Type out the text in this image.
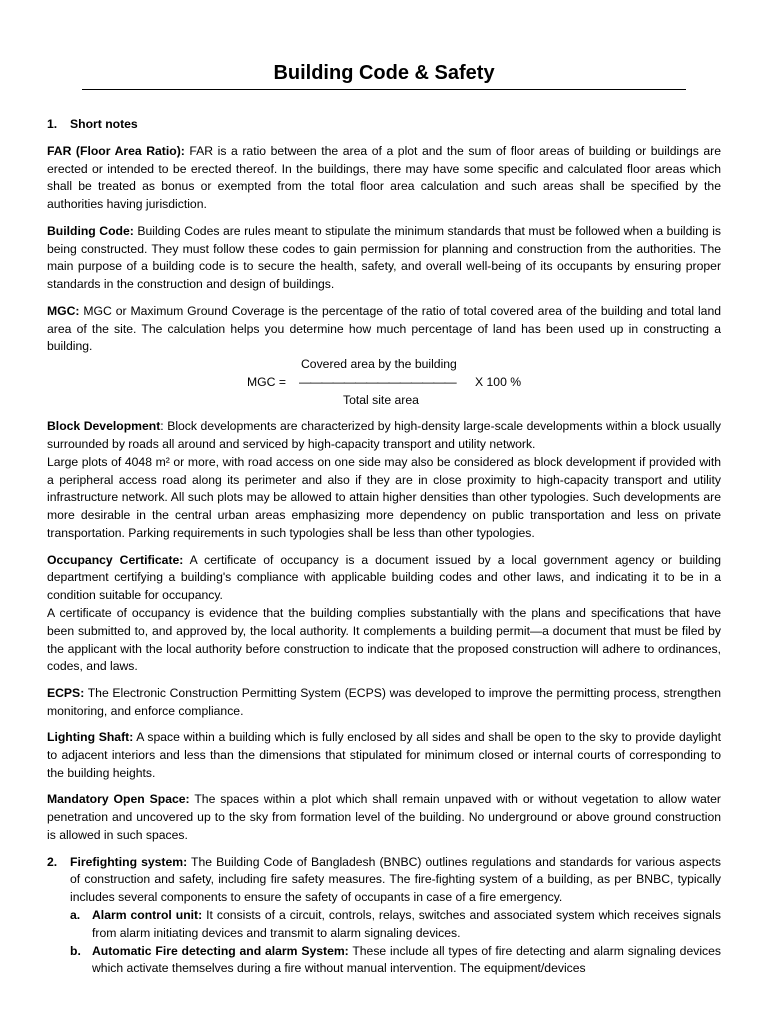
Building Code & Safety
1. Short notes

FAR (Floor Area Ratio): FAR is a ratio between the area of a plot and the sum of floor areas of building or buildings are erected or intended to be erected thereof. In the buildings, there may have some specific and calculated floor areas which shall be treated as bonus or exempted from the total floor area calculation and such areas shall be specified by the authorities having jurisdiction.

Building Code: Building Codes are rules meant to stipulate the minimum standards that must be followed when a building is being constructed. They must follow these codes to gain permission for planning and construction from the authorities. The main purpose of a building code is to secure the health, safety, and overall well-being of its occupants by ensuring proper standards in the construction and design of buildings.

MGC: MGC or Maximum Ground Coverage is the percentage of the ratio of total covered area of the building and total land area of the site. The calculation helps you determine how much percentage of land has been used up in constructing a building.

Covered area by the building
MGC = —————————————— X 100 %
Total site area

Block Development: Block developments are characterized by high-density large-scale developments within a block usually surrounded by roads all around and serviced by high-capacity transport and utility network.

Large plots of 4048 m² or more, with road access on one side may also be considered as block development if provided with a peripheral access road along its perimeter and also if they are in close proximity to high-capacity transport and utility infrastructure network. All such plots may be allowed to attain higher densities than other typologies. Such developments are more desirable in the central urban areas emphasizing more dependency on public transportation and less on private transportation. Parking requirements in such typologies shall be less than other typologies.

Occupancy Certificate: A certificate of occupancy is a document issued by a local government agency or building department certifying a building's compliance with applicable building codes and other laws, and indicating it to be in a condition suitable for occupancy.

A certificate of occupancy is evidence that the building complies substantially with the plans and specifications that have been submitted to, and approved by, the local authority. It complements a building permit—a document that must be filed by the applicant with the local authority before construction to indicate that the proposed construction will adhere to ordinances, codes, and laws.

ECPS: The Electronic Construction Permitting System (ECPS) was developed to improve the permitting process, strengthen monitoring, and enforce compliance.

Lighting Shaft: A space within a building which is fully enclosed by all sides and shall be open to the sky to provide daylight to adjacent interiors and less than the dimensions that stipulated for minimum closed or internal courts of corresponding to the building heights.

Mandatory Open Space: The spaces within a plot which shall remain unpaved with or without vegetation to allow water penetration and uncovered up to the sky from formation level of the building. No underground or above ground construction is allowed in such spaces.

2.	Firefighting system: The Building Code of Bangladesh (BNBC) outlines regulations and standards for various aspects of construction and safety, including fire safety measures. The fire-fighting system of a building, as per BNBC, typically includes several components to ensure the safety of occupants in case of a fire emergency.
a. Alarm control unit: It consists of a circuit, controls, relays, switches and associated system which receives signals from alarm initiating devices and transmit to alarm signaling devices.
b. Automatic Fire detecting and alarm System: These include all types of fire detecting and alarm signaling devices which activate themselves during a fire without manual intervention. The equipment/devices
